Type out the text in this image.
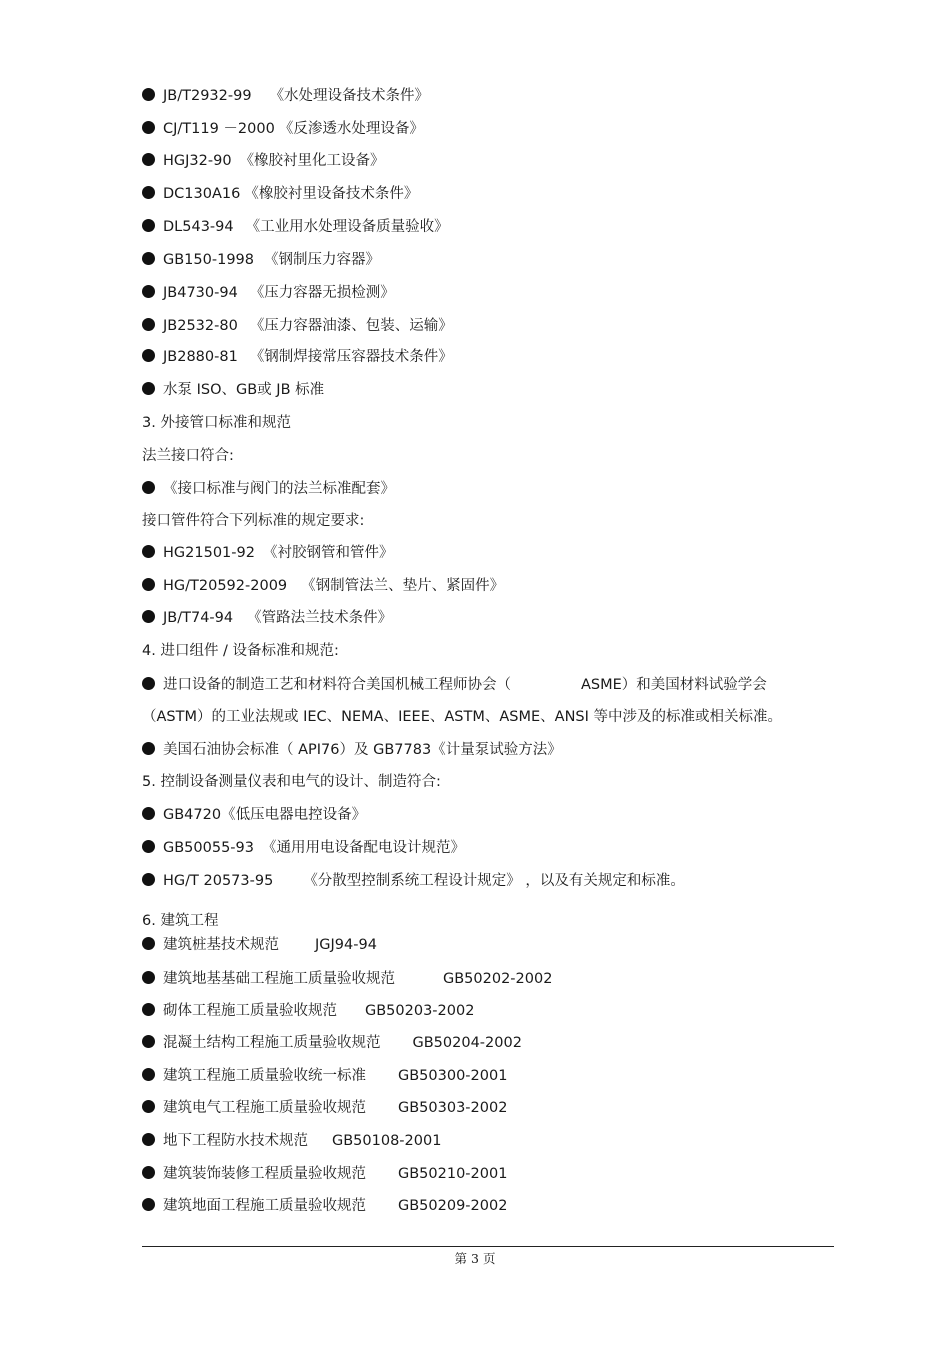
JB/T2932-99 《水处理设备技术条件》
CJ/T119 －2000 《反渗透水处理设备》
HGJ32-90 《橡胶衬里化工设备》
DC130A16 《橡胶衬里设备技术条件》
DL543-94 《工业用水处理设备质量验收》
GB150-1998 《钢制压力容器》
JB4730-94 《压力容器无损检测》
JB2532-80 《压力容器油漆、包装、运输》
JB2880-81 《钢制焊接常压容器技术条件》
水泵 ISO、GB或 JB 标准
3. 外接管口标准和规范
法兰接口符合:
《接口标准与阀门的法兰标准配套》
接口管件符合下列标准的规定要求:
HG21501-92 《衬胶钢管和管件》
HG/T20592-2009 《钢制管法兰、垫片、紧固件》
JB/T74-94 《管路法兰技术条件》
4. 进口组件 / 设备标准和规范:
进口设备的制造工艺和材料符合美国机械工程师协会（	ASME）和美国材料试验学会
（ASTM）的工业法规或 IEC、NEMA、IEEE、ASTM、ASME、ANSI 等中涉及的标准或相关标准。
美国石油协会标准（ API76）及 GB7783《计量泵试验方法》
5. 控制设备测量仪表和电气的设计、制造符合:
GB4720《低压电器电控设备》
GB50055-93 《通用用电设备配电设计规范》
HG/T 20573-95 《分散型控制系统工程设计规定》 ，以及有关规定和标准。
6. 建筑工程
建筑桩基技术规范 JGJ94-94
建筑地基基础工程施工质量验收规范	GB50202-2002
砌体工程施工质量验收规范 GB50203-2002
混凝土结构工程施工质量验收规范 GB50204-2002
建筑工程施工质量验收统一标准 GB50300-2001
建筑电气工程施工质量验收规范 GB50303-2002
地下工程防水技术规范 GB50108-2001
建筑装饰装修工程质量验收规范 GB50210-2001
建筑地面工程施工质量验收规范 GB50209-2002
第 3 页
